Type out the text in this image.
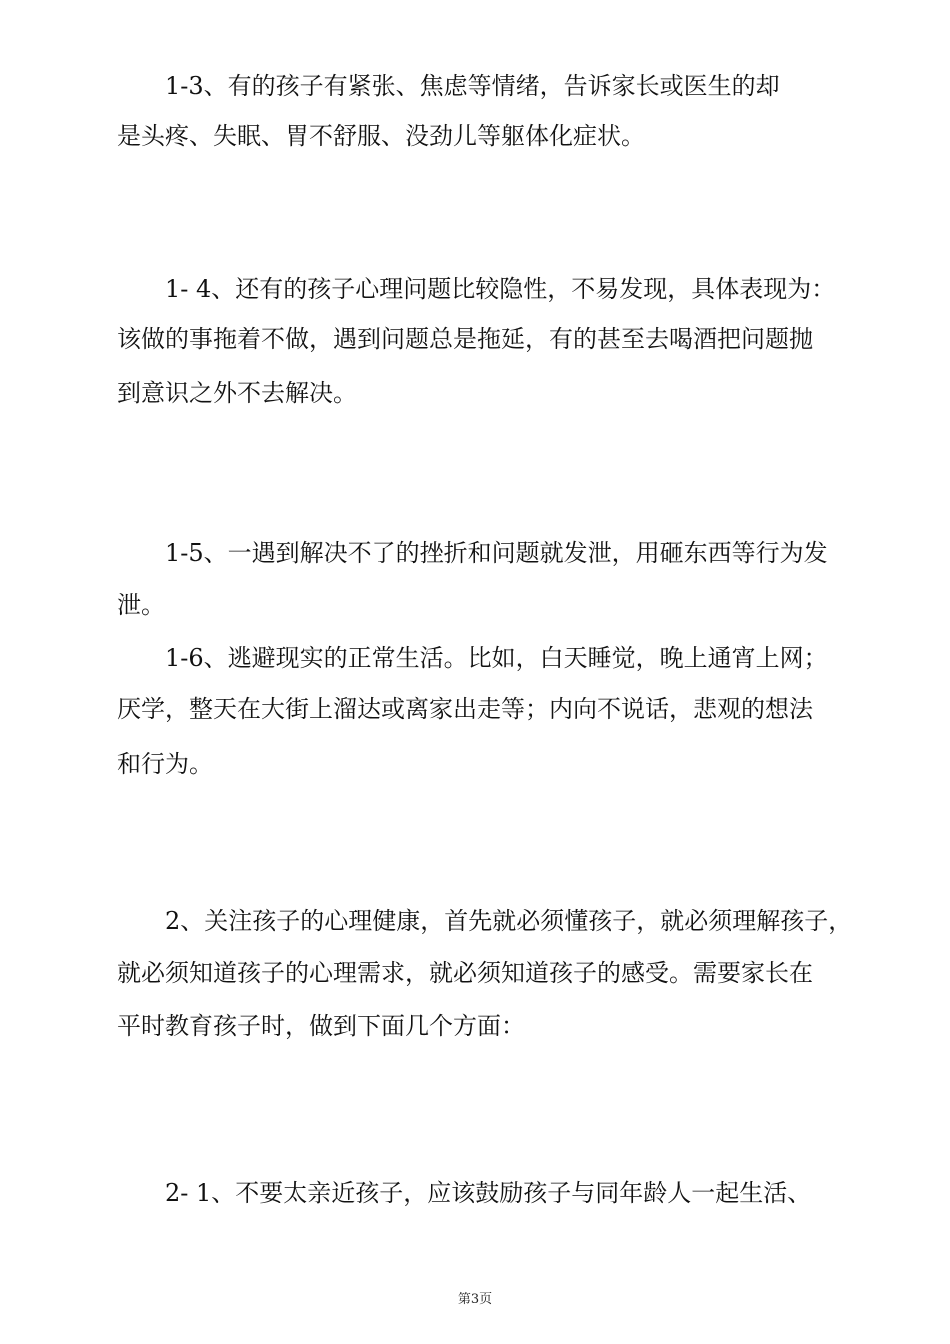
1-3、有的孩子有紧张、焦虑等情绪，告诉家长或医生的却
是头疼、失眠、胃不舒服、没劲儿等躯体化症状。
1- 4、还有的孩子心理问题比较隐性，不易发现，具体表现为：
该做的事拖着不做，遇到问题总是拖延，有的甚至去喝酒把问题抛
到意识之外不去解决。
1-5、一遇到解决不了的挫折和问题就发泄，用砸东西等行为发
泄。
1-6、逃避现实的正常生活。比如，白天睡觉，晚上通宵上网；
厌学，整天在大街上溜达或离家出走等；内向不说话，悲观的想法
和行为。
2、关注孩子的心理健康，首先就必须懂孩子，就必须理解孩子，
就必须知道孩子的心理需求，就必须知道孩子的感受。需要家长在
平时教育孩子时，做到下面几个方面：
2- 1、不要太亲近孩子，应该鼓励孩子与同年龄人一起生活、
第3页
